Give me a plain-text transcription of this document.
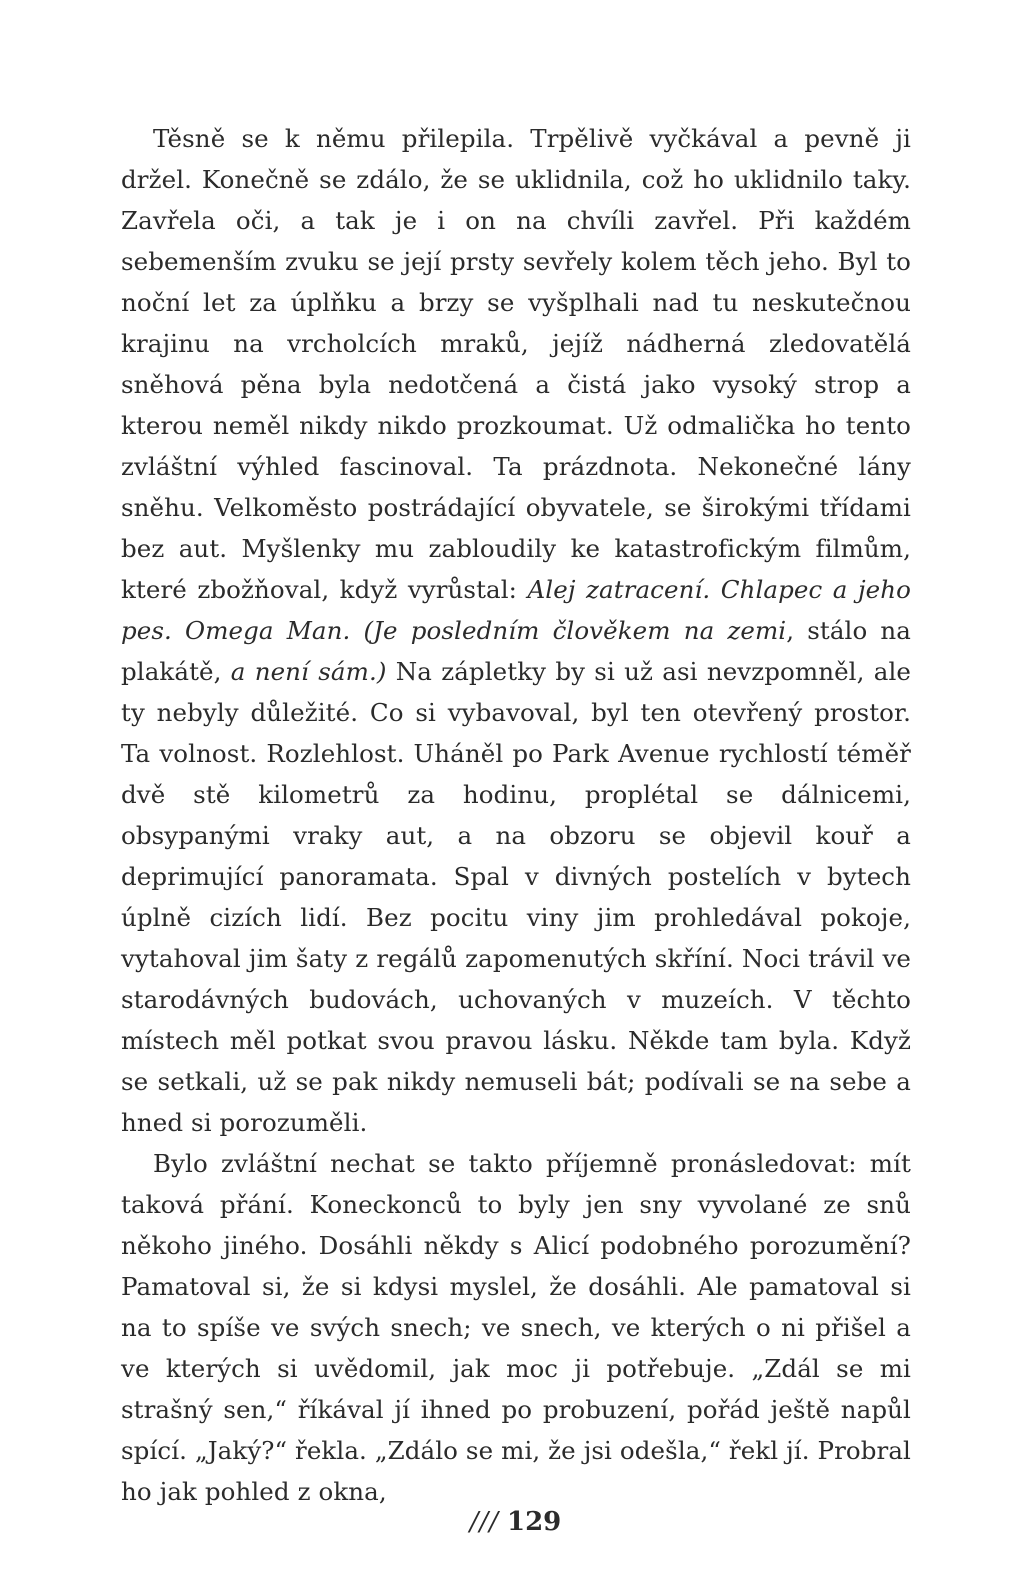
Těsně se k němu přilepila. Trpělivě vyčkával a pevně ji držel. Konečně se zdálo, že se uklidnila, což ho uklidnilo taky. Zavřela oči, a tak je i on na chvíli zavřel. Při každém sebemenším zvuku se její prsty sevřely kolem těch jeho. Byl to noční let za úplňku a brzy se vyšplhali nad tu neskutečnou krajinu na vrcholcích mraků, jejíž nádherná zledovatělá sněhová pěna byla nedotčená a čistá jako vysoký strop a kterou neměl nikdy nikdo prozkoumat. Už odmalička ho tento zvláštní výhled fascinoval. Ta prázdnota. Nekonečné lány sněhu. Velkoměsto postrádající obyvatele, se širokými třídami bez aut. Myšlenky mu zabloudily ke katastrofickým filmům, které zbožňoval, když vyrůstal: Alej zatracení. Chlapec a jeho pes. Omega Man. (Je posledním člověkem na zemi, stálo na plakátě, a není sám.) Na zápletky by si už asi nevzpomněl, ale ty nebyly důležité. Co si vybavoval, byl ten otevřený prostor. Ta volnost. Rozlehlost. Uháněl po Park Avenue rychlostí téměř dvě stě kilometrů za hodinu, proplétal se dálnicemi, obsypanými vraky aut, a na obzoru se objevil kouř a deprimující panoramata. Spal v divných postelích v bytech úplně cizích lidí. Bez pocitu viny jim prohledával pokoje, vytahoval jim šaty z regálů zapomenutých skříní. Noci trávil ve starodávných budovách, uchovaných v muzeích. V těchto místech měl potkat svou pravou lásku. Někde tam byla. Když se setkali, už se pak nikdy nemuseli bát; podívali se na sebe a hned si porozuměli.

Bylo zvláštní nechat se takto příjemně pronásledovat: mít taková přání. Koneckonců to byly jen sny vyvolané ze snů někoho jiného. Dosáhli někdy s Alicí podobného porozumění? Pamatoval si, že si kdysi myslel, že dosáhli. Ale pamatoval si na to spíše ve svých snech; ve snech, ve kterých o ni přišel a ve kterých si uvědomil, jak moc ji potřebuje. „Zdál se mi strašný sen,“ říkával jí ihned po probuzení, pořád ještě napůl spící. „Jaký?“ řekla. „Zdálo se mi, že jsi odešla,“ řekl jí. Probral ho jak pohled z okna,

/// 129
